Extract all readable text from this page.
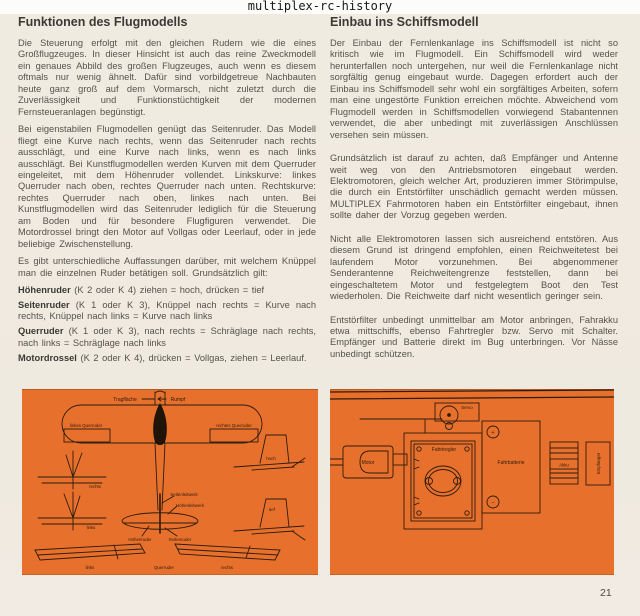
multiplex-rc-history
Funktionen des Flugmodells

Die Steuerung erfolgt mit den gleichen Rudern wie die eines Großflugzeuges. In dieser Hinsicht ist auch das reine Zweckmodell ein genaues Abbild des großen Flugzeuges, auch wenn es diesem oftmals nur wenig ähnelt. Dafür sind vorbildgetreue Nachbauten heute ganz groß auf dem Vormarsch, nicht zuletzt durch die Zuverlässigkeit und Funktionstüchtigkeit der modernen Fernsteueranlagen begünstigt.

Bei eigenstabilen Flugmodellen genügt das Seitenruder. Das Modell fliegt eine Kurve nach rechts, wenn das Seitenruder nach rechts ausschlägt, und eine Kurve nach links, wenn es nach links ausschlägt. Bei Kunstflugmodellen werden Kurven mit dem Querruder eingeleitet, mit dem Höhenruder vollendet. Linkskurve: linkes Querruder nach oben, rechtes Querruder nach unten. Rechtskurve: rechtes Querruder nach oben, linkes nach unten. Bei Kunstflugmodellen wird das Seitenruder lediglich für die Steuerung am Boden und für besondere Flugfiguren verwendet. Die Motordrossel bringt den Motor auf Vollgas oder Leerlauf, oder in jede beliebige Zwischenstellung.

Es gibt unterschiedliche Auffassungen darüber, mit welchem Knüppel man die einzelnen Ruder betätigen soll. Grundsätzlich gilt:

Höhenruder (K 2 oder K 4) ziehen = hoch, drücken = tief
Seitenruder (K 1 oder K 3), Knüppel nach rechts = Kurve nach rechts, Knüppel nach links = Kurve nach links
Querruder (K 1 oder K 3), nach rechts = Schräglage nach rechts, nach links = Schräglage nach links
Motordrossel (K 2 oder K 4), drücken = Vollgas, ziehen = Leerlauf.
Einbau ins Schiffsmodell

Der Einbau der Fernlenkanlage ins Schiffsmodell ist nicht so kritisch wie im Flugmodell. Ein Schiffsmodell wird weder herunterfallen noch untergehen, nur weil die Fernlenkanlage nicht sorgfältig genug eingebaut wurde. Dagegen erfordert auch der Einbau ins Schiffsmodell sehr wohl ein sorgfältiges Arbeiten, sofern man eine ungestörte Funktion erreichen möchte. Abweichend vom Flugmodell werden in Schiffsmodellen vorwiegend Stabantennen verwendet, die aber unbedingt mit zuverlässigen Anschlüssen versehen sein müssen.

Grundsätzlich ist darauf zu achten, daß Empfänger und Antenne weit weg von den Antriebsmotoren eingebaut werden. Elektromotoren, gleich welcher Art, produzieren immer Störimpulse, die durch ein Entstörfilter unschädlich gemacht werden müssen. MULTIPLEX Fahrmotoren haben ein Entstörfilter eingebaut, ihnen sollte daher der Vorzug gegeben werden.

Nicht alle Elektromotoren lassen sich ausreichend entstören. Aus diesem Grund ist dringend empfohlen, einen Reichweitetest bei laufendem Motor vorzunehmen. Bei abgenommener Senderantenne Reichweitengrenze feststellen, dann bei eingeschaltetem Motor und festgelegtem Boot den Test wiederholen. Die Reichweite darf nicht wesentlich geringer sein.

Entstörfilter unbedingt unmittelbar am Motor anbringen, Fahrakku etwa mittschiffs, ebenso Fahrtregler bzw. Servo mit Schalter. Empfänger und Batterie direkt im Bug unterbringen. Vor Nässe unbedingt schützen.

Tragfläche	Rumpf
linkes Querruder	rechtes Querruder
rechts
links
Seitenleitwerk
Höhenleitwerk
Höhenruder	Seitenruder
hoch
tief
links	Querruder	rechts
Servo
Motor
Fahrtregler
Fahrbatterie	Akku	Empfänger
+
−
21
